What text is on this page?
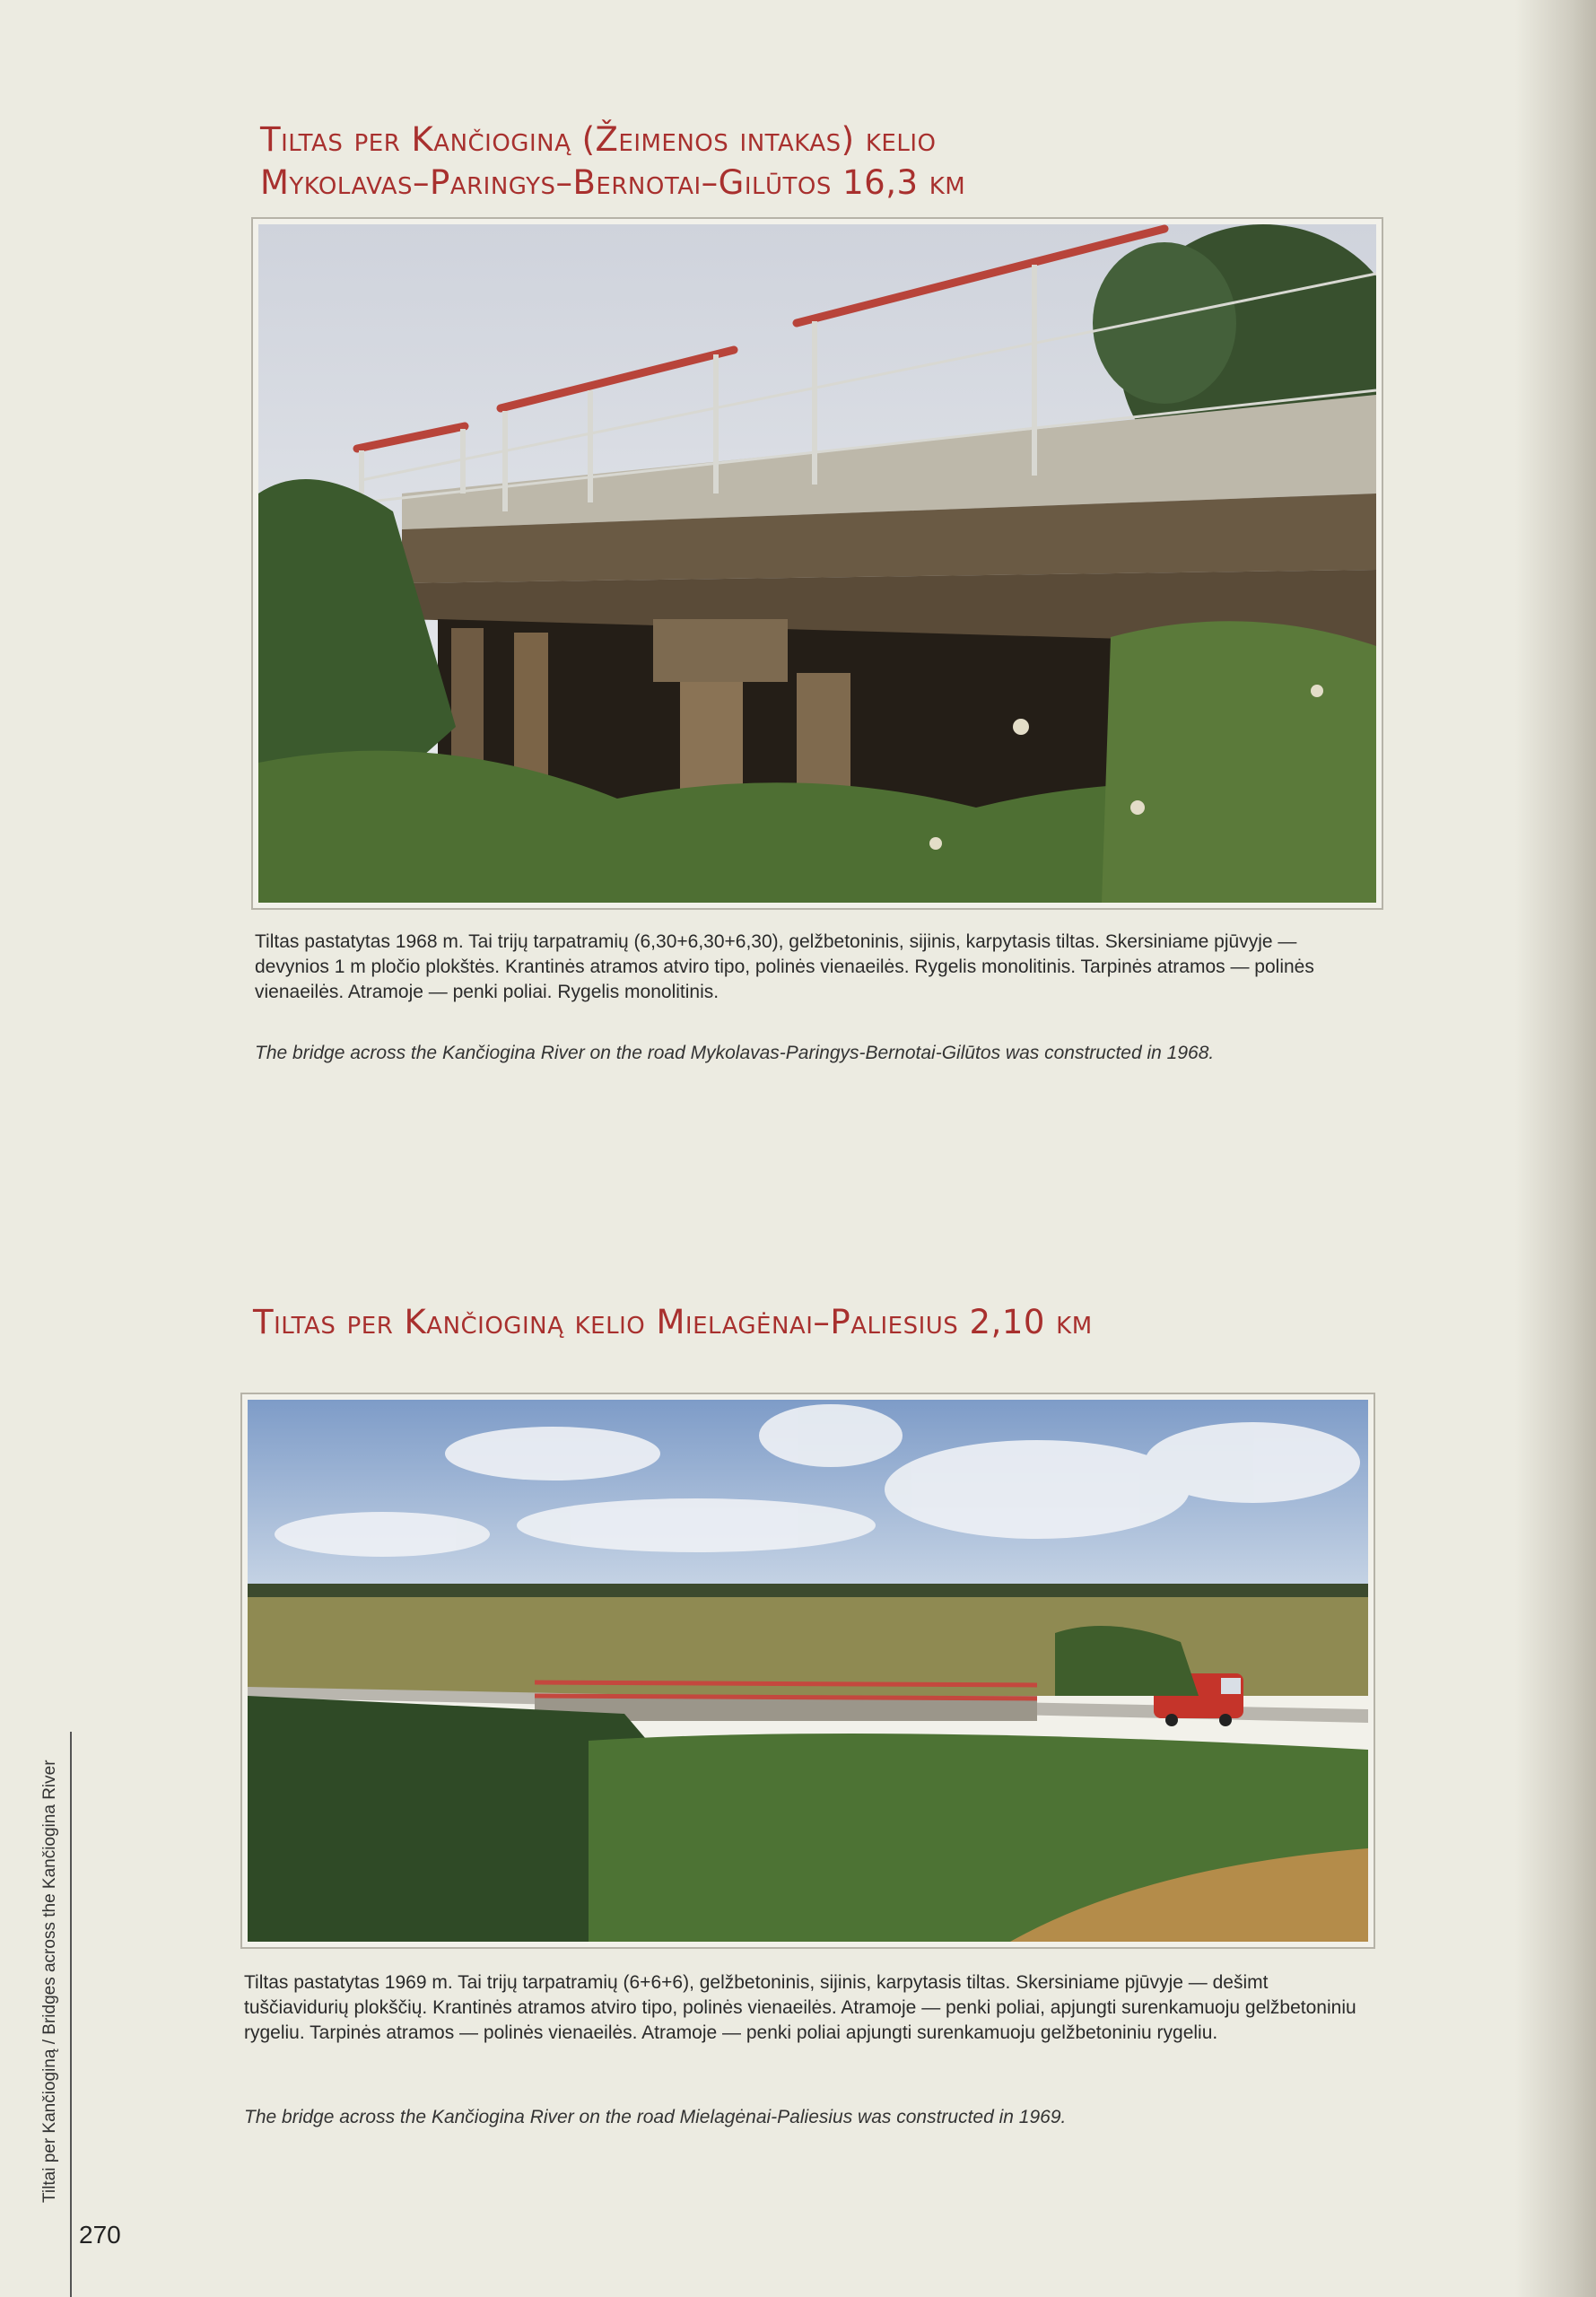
Tiltas per Kančioginą (Žeimenos intakas) kelio
Mykolavas–Paringys–Bernotai–Gilūtos 16,3 km

Tiltas pastatytas 1968 m. Tai trijų tarpatramių (6,30+6,30+6,30), gelžbetoninis, sijinis, karpytasis tiltas. Skersiniame pjūvyje — devynios 1 m pločio plokštės. Krantinės atramos atviro tipo, polinės vienaeilės. Rygelis monolitinis. Tarpinės atramos — polinės vienaeilės. Atramoje — penki poliai. Rygelis monolitinis.

The bridge across the Kančiogina River on the road Mykolavas-Paringys-Bernotai-Gilūtos was constructed in 1968.

Tiltas per Kančioginą kelio Mielagėnai–Paliesius 2,10 km

Tiltas pastatytas 1969 m. Tai trijų tarpatramių (6+6+6), gelžbetoninis, sijinis, karpytasis tiltas. Skersiniame pjūvyje — dešimt tuščiavidurių plokščių. Krantinės atramos atviro tipo, polinės vienaeilės. Atramoje — penki poliai, apjungti surenkamuoju gelžbetoniniu rygeliu. Tarpinės atramos — polinės vienaeilės. Atramoje — penki poliai apjungti surenkamuoju gelžbetoniniu rygeliu.

The bridge across the Kančiogina River on the road Mielagėnai-Paliesius was constructed in 1969.

Tiltai per Kančioginą / Bridges across the Kančiogina River
270
